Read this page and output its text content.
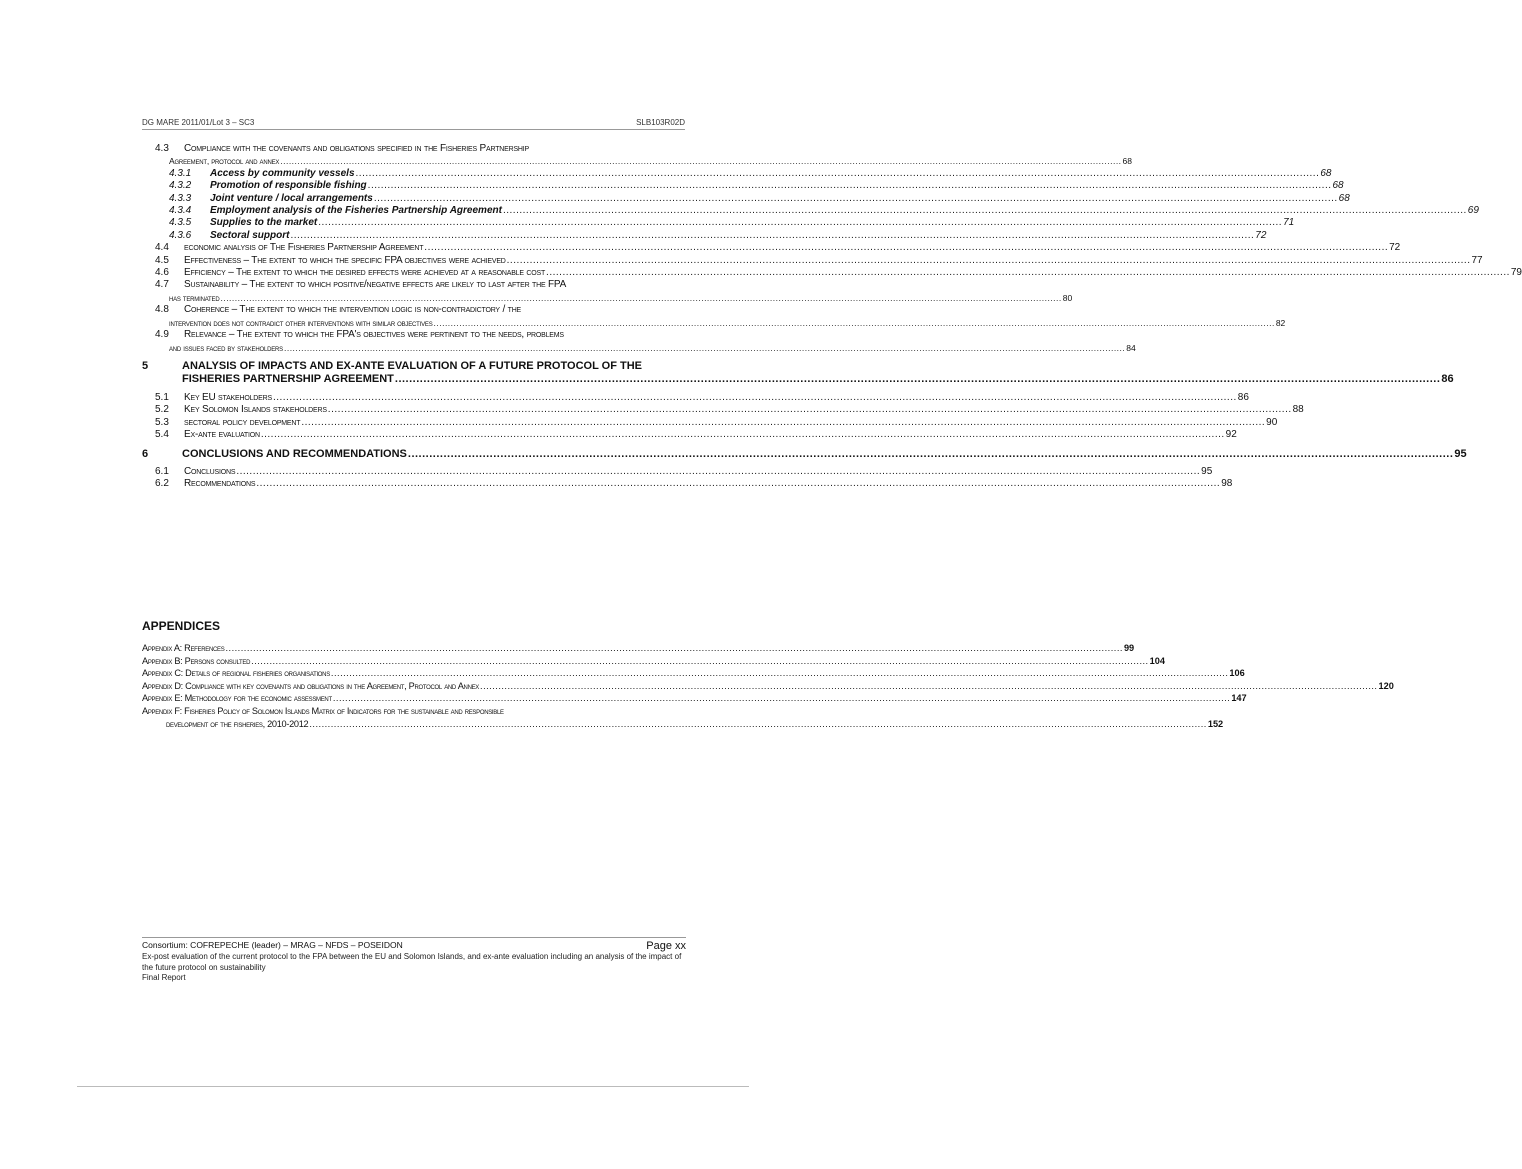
DG MARE 2011/01/Lot 3 – SC3	SLB103R02D
4.3	Compliance with the covenants and obligations specified in the Fisheries Partnership
Agreement, protocol and annex .....	68
4.3.1	Access by community vessels .....	68
4.3.2	Promotion of responsible fishing .....	68
4.3.3	Joint venture / local arrangements .....	68
4.3.4	Employment analysis of the Fisheries Partnership Agreement .....	69
4.3.5	Supplies to the market .....	71
4.3.6	Sectoral support .....	72
4.4	economic analysis of The Fisheries Partnership Agreement .....	72
4.5	Effectiveness – The extent to which the specific FPA objectives were achieved .....	77
4.6	Efficiency – The extent to which the desired effects were achieved at a reasonable cost .....	79
4.7	Sustainability – The extent to which positive/negative effects are likely to last after the FPA
has terminated .....	80
4.8	Coherence – The extent to which the intervention logic is non-contradictory / the
intervention does not contradict other interventions with similar objectives .....	82
4.9	Relevance – The extent to which the FPA's objectives were pertinent to the needs, problems
and issues faced by stakeholders .....	84
5	ANALYSIS OF IMPACTS AND EX-ANTE EVALUATION OF A FUTURE PROTOCOL OF THE
FISHERIES PARTNERSHIP AGREEMENT .....	86
5.1	Key EU stakeholders .....	86
5.2	Key Solomon Islands stakeholders .....	88
5.3	sectoral policy development .....	90
5.4	Ex-ante evaluation .....	92
6	CONCLUSIONS AND RECOMMENDATIONS .....	95
6.1	Conclusions .....	95
6.2	Recommendations .....	98
APPENDICES
Appendix A: References .....	99
Appendix B: Persons consulted .....	104
Appendix C: Details of regional fisheries organisations .....	106
Appendix D: Compliance with key covenants and obligations in the Agreement, Protocol and Annex .....	120
Appendix E: Methodology for the economic assessment .....	147
Appendix F: Fisheries Policy of Solomon Islands Matrix of Indicators for the sustainable and responsible
development of the fisheries, 2010-2012 .....	152
Consortium: COFREPECHE (leader) – MRAG – NFDS – POSEIDON	Page xx
Ex-post evaluation of the current protocol to the FPA between the EU and Solomon Islands, and ex-ante evaluation including an analysis of the impact of the future protocol on sustainability
Final Report
